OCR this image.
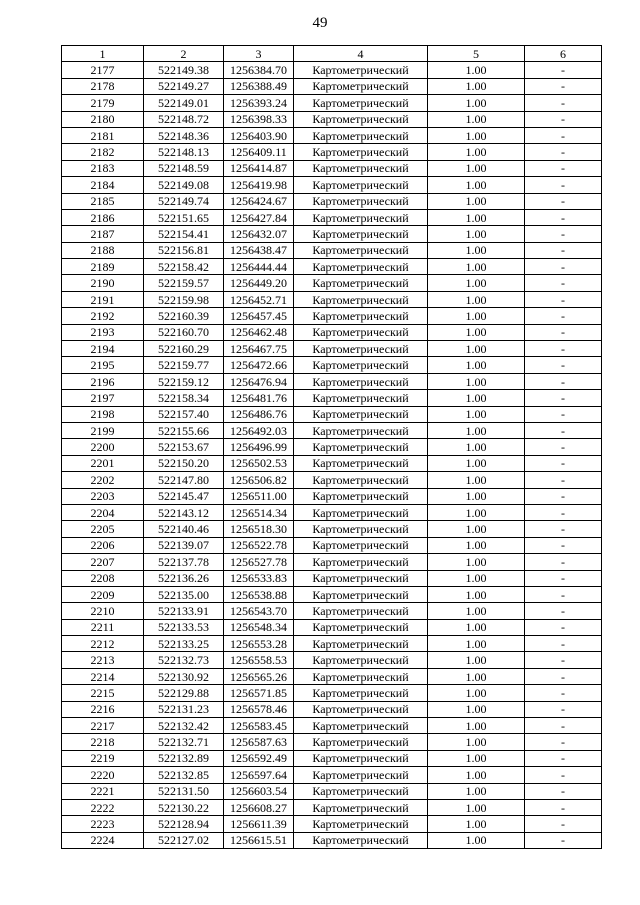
49
1	2	3	4	5	6
2177	522149.38	1256384.70	Картометрический	1.00	-
2178	522149.27	1256388.49	Картометрический	1.00	-
2179	522149.01	1256393.24	Картометрический	1.00	-
2180	522148.72	1256398.33	Картометрический	1.00	-
2181	522148.36	1256403.90	Картометрический	1.00	-
2182	522148.13	1256409.11	Картометрический	1.00	-
2183	522148.59	1256414.87	Картометрический	1.00	-
2184	522149.08	1256419.98	Картометрический	1.00	-
2185	522149.74	1256424.67	Картометрический	1.00	-
2186	522151.65	1256427.84	Картометрический	1.00	-
2187	522154.41	1256432.07	Картометрический	1.00	-
2188	522156.81	1256438.47	Картометрический	1.00	-
2189	522158.42	1256444.44	Картометрический	1.00	-
2190	522159.57	1256449.20	Картометрический	1.00	-
2191	522159.98	1256452.71	Картометрический	1.00	-
2192	522160.39	1256457.45	Картометрический	1.00	-
2193	522160.70	1256462.48	Картометрический	1.00	-
2194	522160.29	1256467.75	Картометрический	1.00	-
2195	522159.77	1256472.66	Картометрический	1.00	-
2196	522159.12	1256476.94	Картометрический	1.00	-
2197	522158.34	1256481.76	Картометрический	1.00	-
2198	522157.40	1256486.76	Картометрический	1.00	-
2199	522155.66	1256492.03	Картометрический	1.00	-
2200	522153.67	1256496.99	Картометрический	1.00	-
2201	522150.20	1256502.53	Картометрический	1.00	-
2202	522147.80	1256506.82	Картометрический	1.00	-
2203	522145.47	1256511.00	Картометрический	1.00	-
2204	522143.12	1256514.34	Картометрический	1.00	-
2205	522140.46	1256518.30	Картометрический	1.00	-
2206	522139.07	1256522.78	Картометрический	1.00	-
2207	522137.78	1256527.78	Картометрический	1.00	-
2208	522136.26	1256533.83	Картометрический	1.00	-
2209	522135.00	1256538.88	Картометрический	1.00	-
2210	522133.91	1256543.70	Картометрический	1.00	-
2211	522133.53	1256548.34	Картометрический	1.00	-
2212	522133.25	1256553.28	Картометрический	1.00	-
2213	522132.73	1256558.53	Картометрический	1.00	-
2214	522130.92	1256565.26	Картометрический	1.00	-
2215	522129.88	1256571.85	Картометрический	1.00	-
2216	522131.23	1256578.46	Картометрический	1.00	-
2217	522132.42	1256583.45	Картометрический	1.00	-
2218	522132.71	1256587.63	Картометрический	1.00	-
2219	522132.89	1256592.49	Картометрический	1.00	-
2220	522132.85	1256597.64	Картометрический	1.00	-
2221	522131.50	1256603.54	Картометрический	1.00	-
2222	522130.22	1256608.27	Картометрический	1.00	-
2223	522128.94	1256611.39	Картометрический	1.00	-
2224	522127.02	1256615.51	Картометрический	1.00	-
